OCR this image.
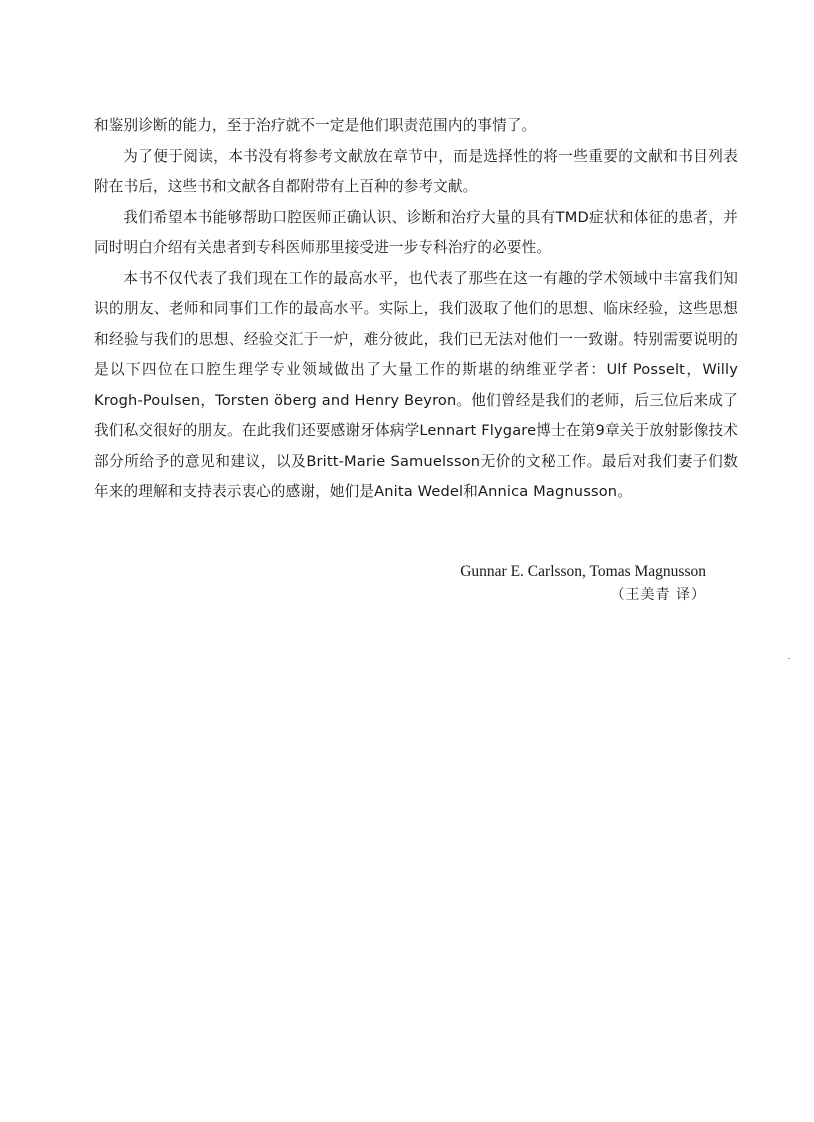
和鉴别诊断的能力，至于治疗就不一定是他们职责范围内的事情了。

为了便于阅读，本书没有将参考文献放在章节中，而是选择性的将一些重要的文献和书目列表附在书后，这些书和文献各自都附带有上百种的参考文献。

我们希望本书能够帮助口腔医师正确认识、诊断和治疗大量的具有TMD症状和体征的患者，并同时明白介绍有关患者到专科医师那里接受进一步专科治疗的必要性。

本书不仅代表了我们现在工作的最高水平，也代表了那些在这一有趣的学术领域中丰富我们知识的朋友、老师和同事们工作的最高水平。实际上，我们汲取了他们的思想、临床经验，这些思想和经验与我们的思想、经验交汇于一炉，难分彼此，我们已无法对他们一一致谢。特别需要说明的是以下四位在口腔生理学专业领域做出了大量工作的斯堪的纳维亚学者：Ulf Posselt，Willy Krogh-Poulsen，Torsten öberg and Henry Beyron。他们曾经是我们的老师，后三位后来成了我们私交很好的朋友。在此我们还要感谢牙体病学Lennart Flygare博士在第9章关于放射影像技术部分所给予的意见和建议，以及Britt-Marie Samuelsson无价的文秘工作。最后对我们妻子们数年来的理解和支持表示衷心的感谢，她们是Anita Wedel和Annica Magnusson。

Gunnar E. Carlsson, Tomas Magnusson
（王美青 译）
